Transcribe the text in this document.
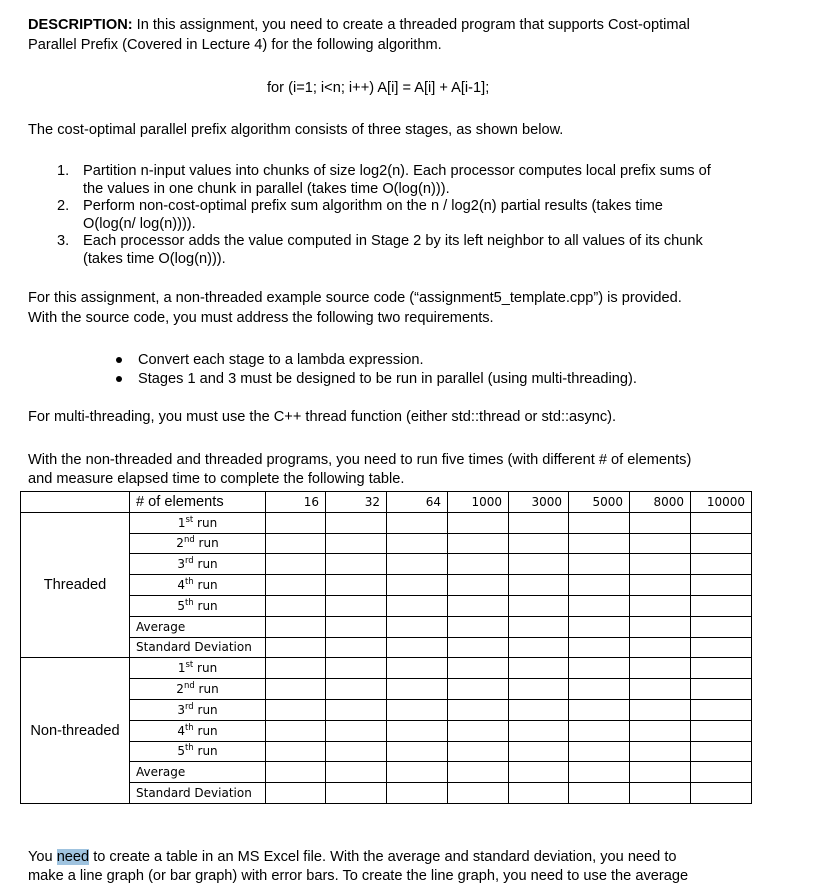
DESCRIPTION: In this assignment, you need to create a threaded program that supports Cost-optimal
Parallel Prefix (Covered in Lecture 4) for the following algorithm.
for (i=1; i<n; i++) A[i] = A[i] + A[i-1];
The cost-optimal parallel prefix algorithm consists of three stages, as shown below.
1. Partition n-input values into chunks of size log2(n). Each processor computes local prefix sums of
the values in one chunk in parallel (takes time O(log(n))).
2. Perform non-cost-optimal prefix sum algorithm on the n / log2(n) partial results (takes time
O(log(n/ log(n)))).
3. Each processor adds the value computed in Stage 2 by its left neighbor to all values of its chunk
(takes time O(log(n))).
For this assignment, a non-threaded example source code (“assignment5_template.cpp”) is provided.
With the source code, you must address the following two requirements.
Convert each stage to a lambda expression.
Stages 1 and 3 must be designed to be run in parallel (using multi-threading).
For multi-threading, you must use the C++ thread function (either std::thread or std::async).
With the non-threaded and threaded programs, you need to run five times (with different # of elements)
and measure elapsed time to complete the following table.
	# of elements	16	32	64	1000	3000	5000	8000	10000
Threaded	1st run								
	2nd run								
	3rd run								
	4th run								
	5th run								
	Average								
	Standard Deviation								
Non-threaded	1st run								
	2nd run								
	3rd run								
	4th run								
	5th run								
	Average								
	Standard Deviation								
You need to create a table in an MS Excel file. With the average and standard deviation, you need to
make a line graph (or bar graph) with error bars. To create the line graph, you need to use the average
